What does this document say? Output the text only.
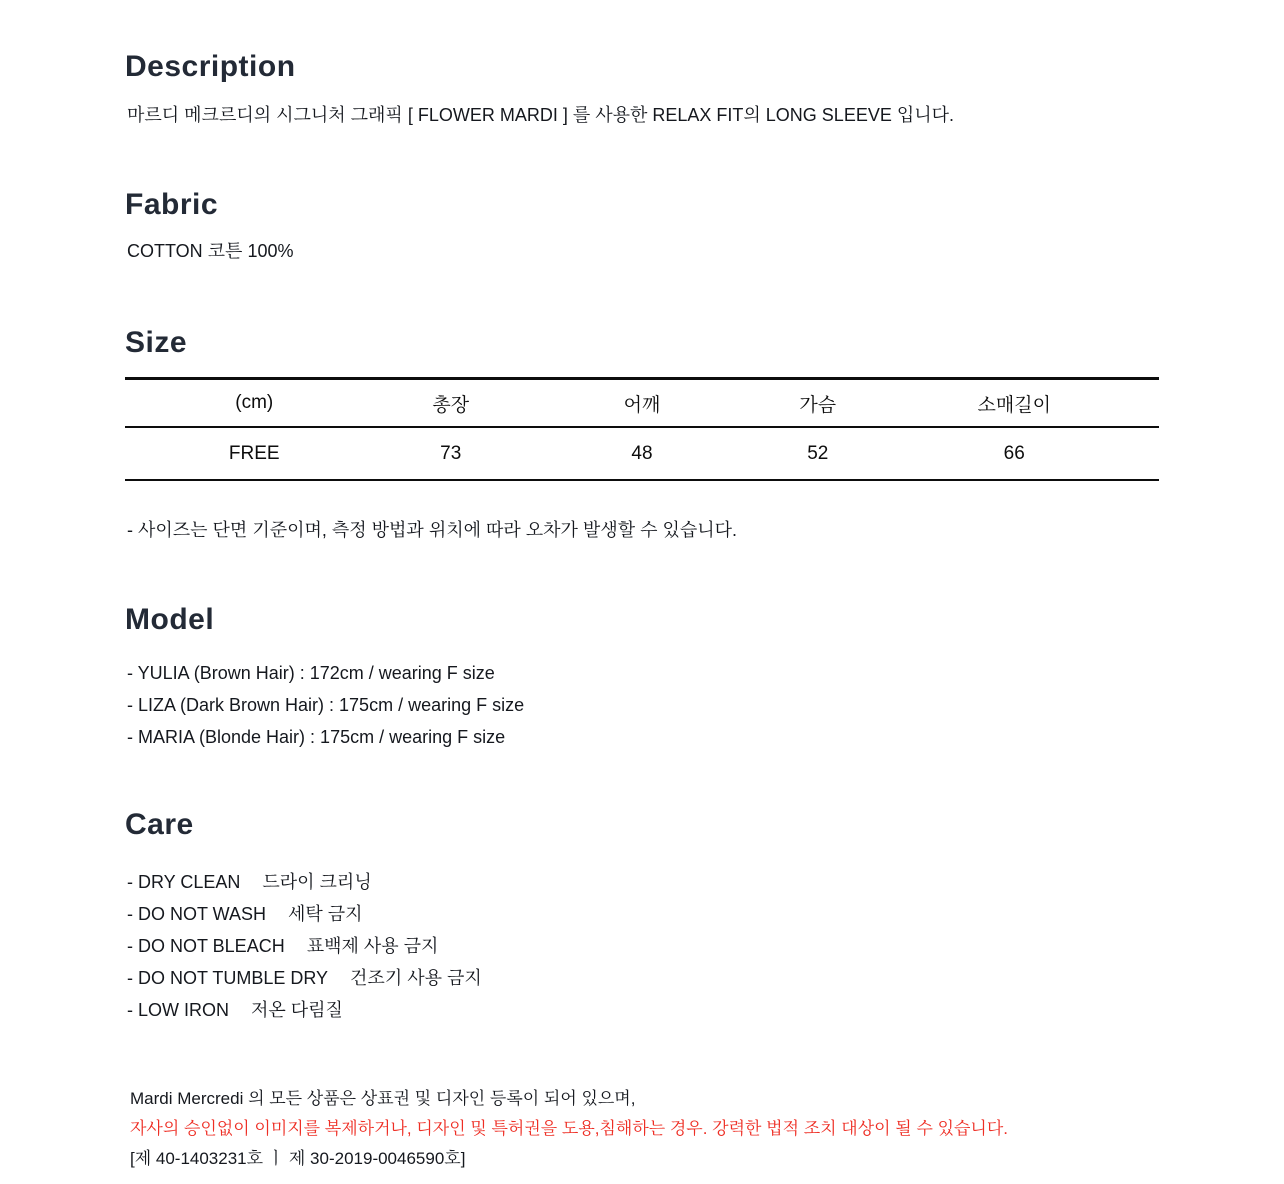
Description

마르디 메크르디의 시그니처 그래픽 [ FLOWER MARDI ] 를 사용한 RELAX FIT의 LONG SLEEVE 입니다.

Fabric

COTTON 코튼 100%

Size
(cm)	총장	어깨	가슴	소매길이
FREE	73	48	52	66

- 사이즈는 단면 기준이며, 측정 방법과 위치에 따라 오차가 발생할 수 있습니다.

Model
- YULIA (Brown Hair) : 172cm / wearing F size
- LIZA (Dark Brown Hair) : 175cm / wearing F size
- MARIA (Blonde Hair) : 175cm / wearing F size
Care
- DRY CLEAN 드라이 크리닝
- DO NOT WASH 세탁 금지
- DO NOT BLEACH 표백제 사용 금지
- DO NOT TUMBLE DRY 건조기 사용 금지
- LOW IRON 저온 다림질

Mardi Mercredi 의 모든 상품은 상표권 및 디자인 등록이 되어 있으며,

자사의 승인없이 이미지를 복제하거나, 디자인 및 특허권을 도용,침해하는 경우. 강력한 법적 조치 대상이 될 수 있습니다.

[제 40-1403231호 ㅣ 제 30-2019-0046590호]
